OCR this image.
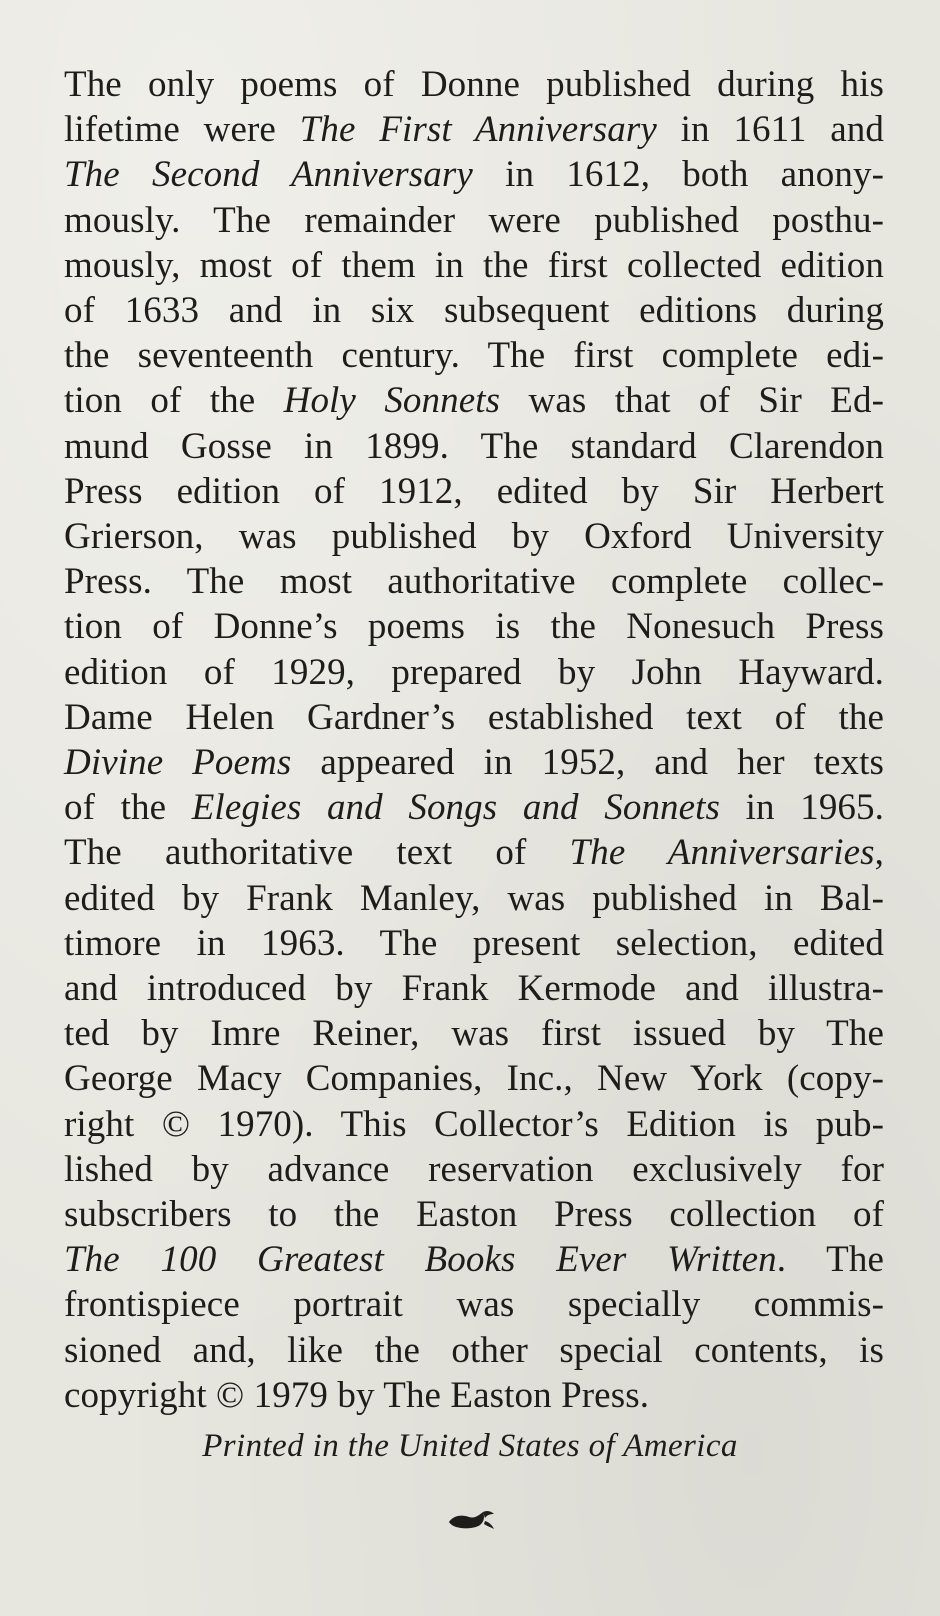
The only poems of Donne published during his
lifetime were The First Anniversary in 1611 and
The Second Anniversary in 1612, both anony-
mously. The remainder were published posthu-
mously, most of them in the first collected edition
of 1633 and in six subsequent editions during
the seventeenth century. The first complete edi-
tion of the Holy Sonnets was that of Sir Ed-
mund Gosse in 1899. The standard Clarendon
Press edition of 1912, edited by Sir Herbert
Grierson, was published by Oxford University
Press. The most authoritative complete collec-
tion of Donne’s poems is the Nonesuch Press
edition of 1929, prepared by John Hayward.
Dame Helen Gardner’s established text of the
Divine Poems appeared in 1952, and her texts
of the Elegies and Songs and Sonnets in 1965.
The authoritative text of The Anniversaries,
edited by Frank Manley, was published in Bal-
timore in 1963. The present selection, edited
and introduced by Frank Kermode and illustra-
ted by Imre Reiner, was first issued by The
George Macy Companies, Inc., New York (copy-
right © 1970). This Collector’s Edition is pub-
lished by advance reservation exclusively for
subscribers to the Easton Press collection of
The 100 Greatest Books Ever Written. The
frontispiece portrait was specially commis-
sioned and, like the other special contents, is
copyright © 1979 by The Easton Press.

Printed in the United States of America
